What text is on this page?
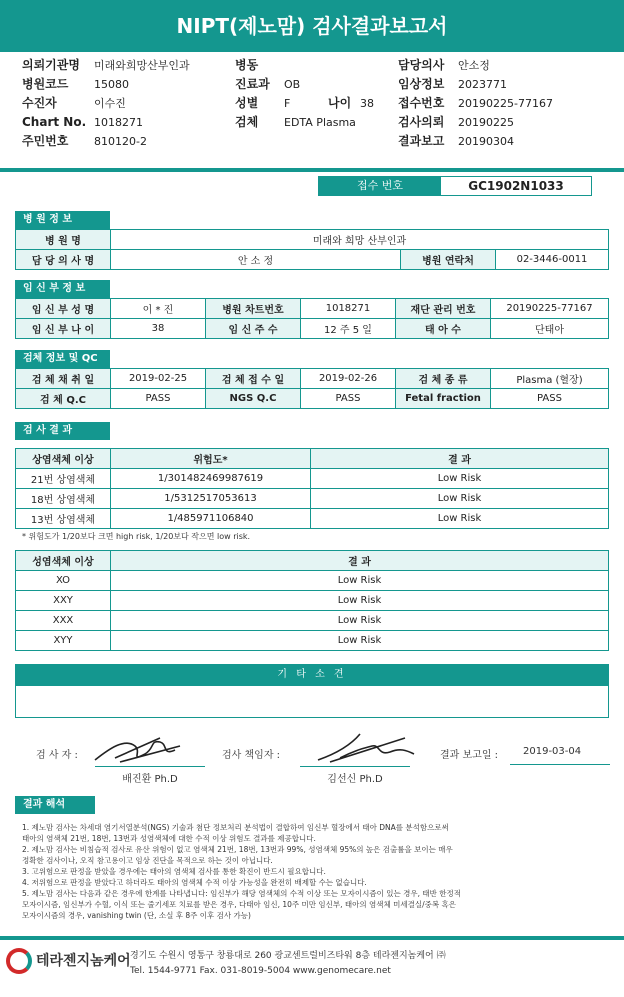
NIPT(제노맘) 검사결과보고서
의뢰기관명 미래와희망산부인과	병동	담당의사 안소정
병원코드 15080	진료과 OB	임상정보 2023771
수진자	이수진	성별 F	나이 38 접수번호 20190225-77167
Chart No. 1018271	검체 EDTA Plasma	검사의뢰 20190225
주민번호 810120-2	결과보고 20190304
접수 번호	GC1902N1033
병 원 정 보
병 원 명	미래와 희망 산부인과		
담 당 의 사 명	안 소 정	병원 연락처	02-3446-0011
임 신 부 정 보
임 신 부 성 명	이 * 진	병원 차트번호	1018271	재단 관리 번호	20190225-77167
임 신 부 나 이	38	임 신 주 수	12 주 5 일	태 아 수	단태아
검체 정보 및 QC
검 체 채 취 일	2019-02-25	검 체 접 수 일	2019-02-26	검 체 종 류	Plasma (혈장)
검 체 Q.C	PASS	NGS Q.C	PASS	Fetal fraction	PASS
검 사 결 과
상염색체 이상	위험도*	결 과
21번 상염색체	1/301482469987619	Low Risk
18번 상염색체	1/5312517053613	Low Risk
13번 상염색체	1/485971106840	Low Risk
* 위험도가 1/20보다 크면 high risk, 1/20보다 작으면 low risk.
성염색체 이상	결 과
XO	Low Risk
XXY	Low Risk
XXX	Low Risk
XYY	Low Risk
기 타 소 견
검 사 자 :
배진환 Ph.D
검사 책임자 :
김선신 Ph.D
결과 보고일 : 2019-03-04
결과 해석
1. 제노맘 검사는 차세대 염기서열분석(NGS) 기술과 첨단 정보처리 분석법이 결합하여 임신부 혈장에서 태아 DNA를 분석함으로써
태아의 염색체 21번, 18번, 13번과 성염색체에 대한 수적 이상 위험도 결과를 제공합니다.
2. 제노맘 검사는 비침습적 검사로 유산 위험이 없고 염색체 21번, 18번, 13번과 99%, 성염색체 95%의 높은 검출률을 보이는 매우
정확한 검사이나, 오직 참고용이고 임상 진단을 목적으로 하는 것이 아닙니다.
3. 고위험으로 판정을 받았을 경우에는 태아의 염색체 검사를 통한 확진이 반드시 필요합니다.
4. 저위험으로 판정을 받았다고 하더라도 태아의 염색체 수적 이상 가능성을 완전히 배제할 수는 없습니다.
5. 제노맘 검사는 다음과 같은 경우에 한계를 나타냅니다: 임신부가 해당 염색체의 수적 이상 또는 모자이시즘이 있는 경우, 태반 한정적
모자이시즘, 임신부가 수혈, 이식 또는 줄기세포 치료를 받은 경우, 다태아 임신, 10주 미만 임신부, 태아의 염색체 미세결실/중복 혹은
모자이시즘의 경우, vanishing twin (단, 소실 후 8주 이후 검사 가능)
테라젠지놈케어 경기도 수원시 영통구 창룡대로 260 광교센트럴비즈타워 8층 테라젠지놈케어 ㈜
Tel. 1544-9771 Fax. 031-8019-5004 www.genomecare.net
